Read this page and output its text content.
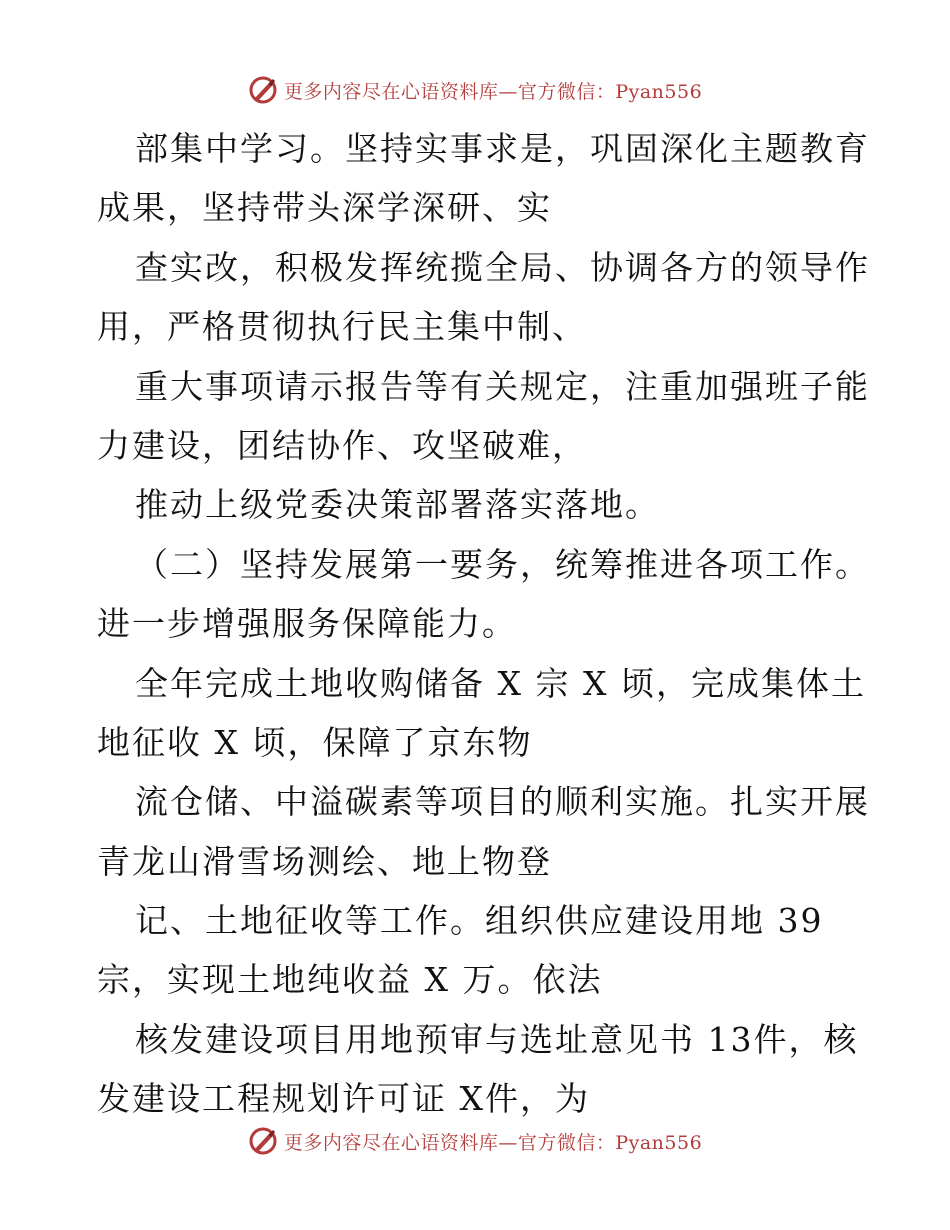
更多内容尽在心语资料库—官方微信：Pyan556
部集中学习。坚持实事求是，巩固深化主题教育
成果，坚持带头深学深研、实
查实改，积极发挥统揽全局、协调各方的领导作
用，严格贯彻执行民主集中制、
重大事项请示报告等有关规定，注重加强班子能
力建设，团结协作、攻坚破难，
推动上级党委决策部署落实落地。
（二）坚持发展第一要务，统筹推进各项工作。
进一步增强服务保障能力。
全年完成土地收购储备 X 宗 X 顷，完成集体土
地征收 X 顷，保障了京东物
流仓储、中溢碳素等项目的顺利实施。扎实开展
青龙山滑雪场测绘、地上物登
记、土地征收等工作。组织供应建设用地 39
宗，实现土地纯收益 X 万。依法
核发建设项目用地预审与选址意见书 13件，核
发建设工程规划许可证 X件，为
更多内容尽在心语资料库—官方微信：Pyan556
